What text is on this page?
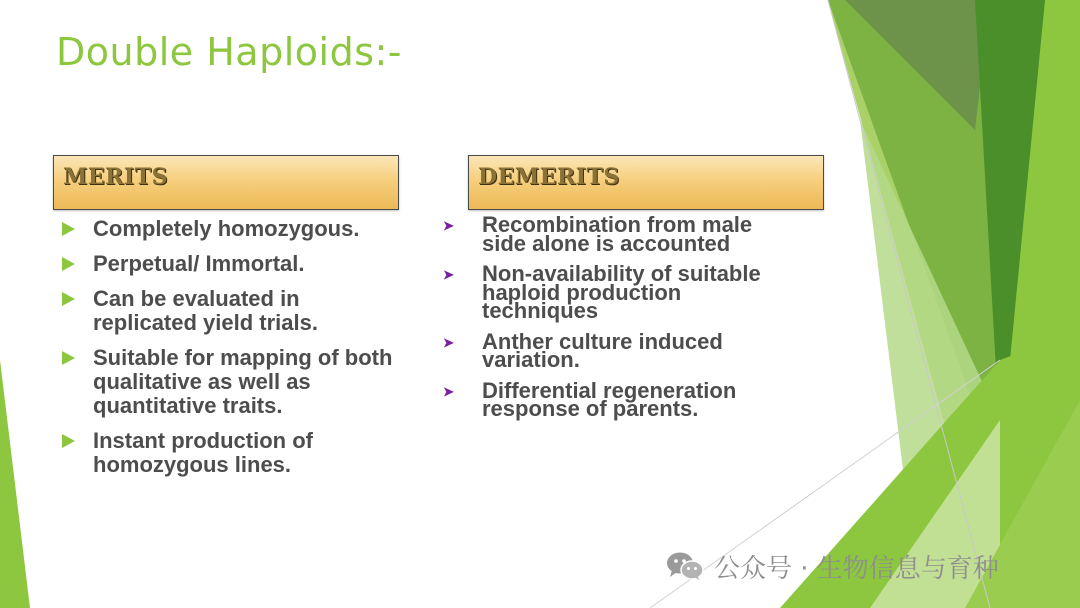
Double Haploids:-
MERITS	DEMERITS
Completely homozygous.
Perpetual/ Immortal.
Can be evaluated in replicated yield trials.
Suitable for mapping of both qualitative as well as quantitative traits.
Instant production of homozygous lines.
➤ Recombination from male side alone is accounted
➤ Non-availability of suitable haploid production techniques
➤ Anther culture induced variation.
➤ Differential regeneration response of parents.
公众号 · 生物信息与育种
